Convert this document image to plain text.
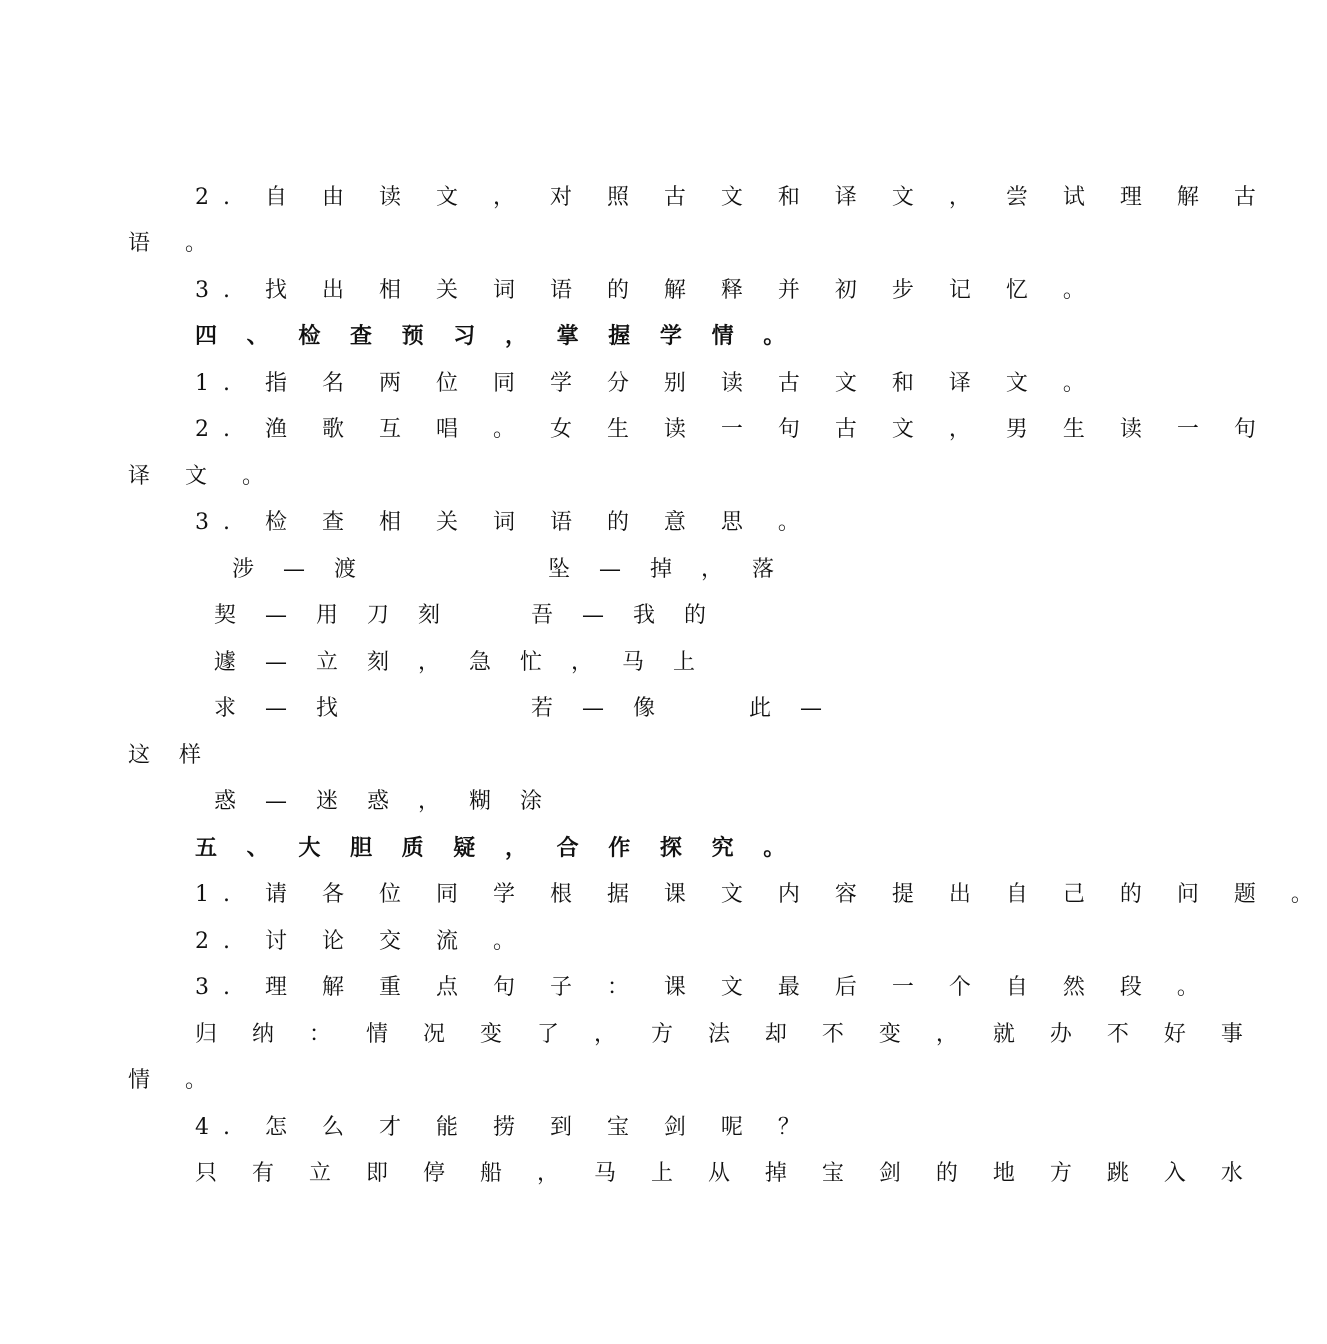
2. 自 由 读 文 ， 对 照 古 文 和 译 文 ， 尝 试 理 解 古
语 。
3. 找 出 相 关 词 语 的 解 释 并 初 步 记 忆 。
四 、 检 查 预 习 ， 掌 握 学 情 。
1. 指 名 两 位 同 学 分 别 读 古 文 和 译 文 。
2. 渔 歌 互 唱 。 女 生 读 一 句 古 文 ， 男 生 读 一 句
译 文 。
3. 检 查 相 关 词 语 的 意 思 。
涉 — 渡	坠 — 掉 ， 落
契 — 用 刀 刻	吾 — 我 的
遽 — 立 刻 ， 急 忙 ， 马 上
求 — 找	若 — 像	此 —
这 样
惑 — 迷 惑 ， 糊 涂
五 、 大 胆 质 疑 ， 合 作 探 究 。
1. 请 各 位 同 学 根 据 课 文 内 容 提 出 自 己 的 问 题 。
2. 讨 论 交 流 。
3. 理 解 重 点 句 子 ： 课 文 最 后 一 个 自 然 段 。
归 纳 ： 情 况 变 了 ， 方 法 却 不 变 ， 就 办 不 好 事
情 。
4. 怎 么 才 能 捞 到 宝 剑 呢 ？
只 有 立 即 停 船 ， 马 上 从 掉 宝 剑 的 地 方 跳 入 水
